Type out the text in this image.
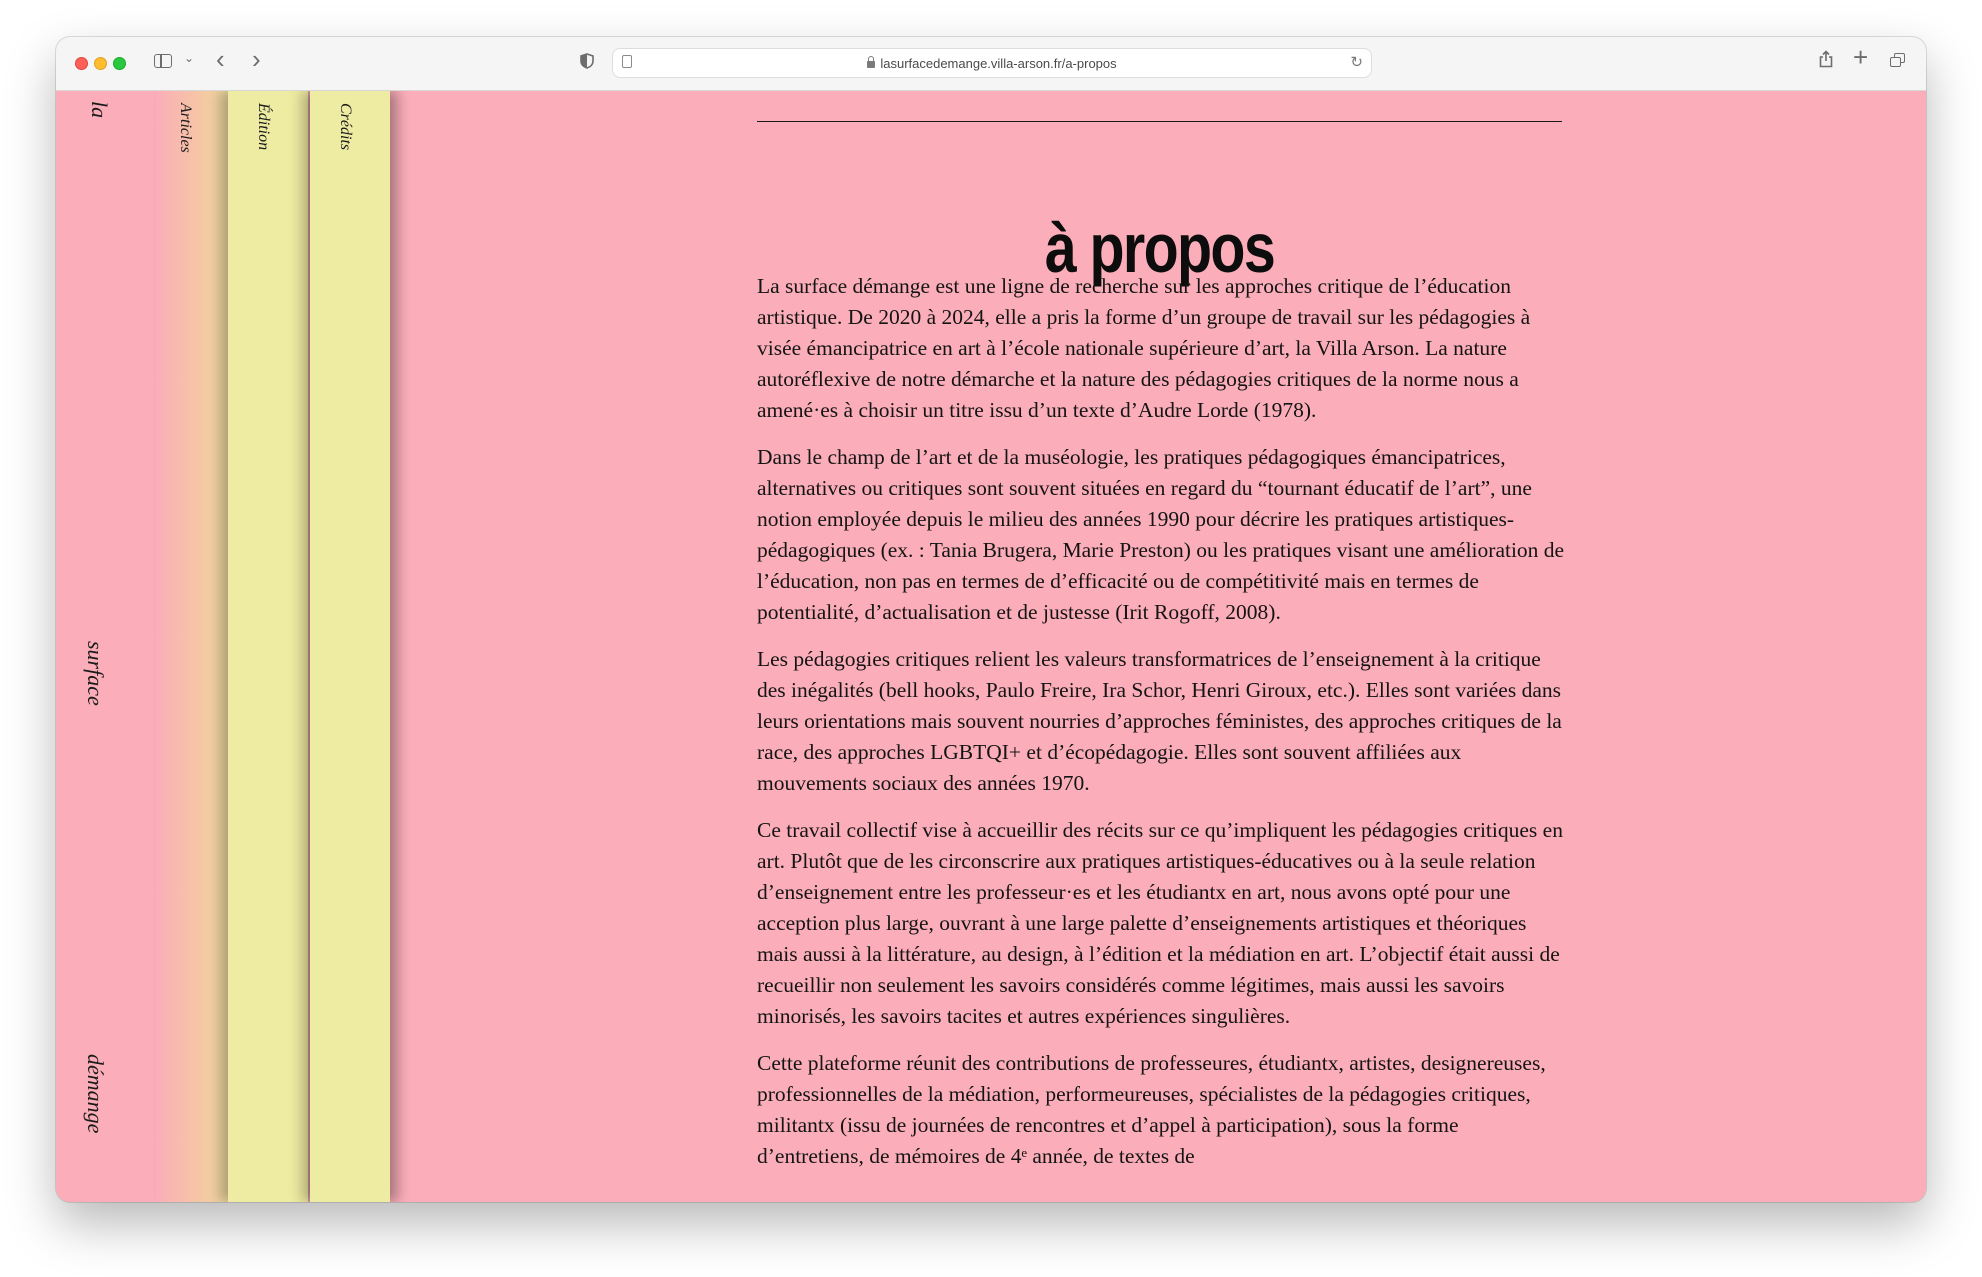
⌄ ‹ ›	lasurfacedemange.villa-arson.fr/a-propos	↻	+
la
surface
démange
Articles	Édition	Crédits
à propos

La surface démange est une ligne de recherche sur les approches critique de l’éducation artistique. De 2020 à 2024, elle a pris la forme d’un groupe de travail sur les pédagogies à visée émancipatrice en art à l’école nationale supérieure d’art, la Villa Arson. La nature autoréflexive de notre démarche et la nature des pédagogies critiques de la norme nous a amené·es à choisir un titre issu d’un texte d’Audre Lorde (1978).

Dans le champ de l’art et de la muséologie, les pratiques pédagogiques émancipatrices, alternatives ou critiques sont souvent situées en regard du “tournant éducatif de l’art”, une notion employée depuis le milieu des années 1990 pour décrire les pratiques artistiques-pédagogiques (ex. : Tania Brugera, Marie Preston) ou les pratiques visant une amélioration de l’éducation, non pas en termes de d’efficacité ou de compétitivité mais en termes de potentialité, d’actualisation et de justesse (Irit Rogoff, 2008).

Les pédagogies critiques relient les valeurs transformatrices de l’enseignement à la critique des inégalités (bell hooks, Paulo Freire, Ira Schor, Henri Giroux, etc.). Elles sont variées dans leurs orientations mais souvent nourries d’approches féministes, des approches critiques de la race, des approches LGBTQI+ et d’écopédagogie. Elles sont souvent affiliées aux mouvements sociaux des années 1970.

Ce travail collectif vise à accueillir des récits sur ce qu’impliquent les pédagogies critiques en art. Plutôt que de les circonscrire aux pratiques artistiques-éducatives ou à la seule relation d’enseignement entre les professeur·es et les étudiantx en art, nous avons opté pour une acception plus large, ouvrant à une large palette d’enseignements artistiques et théoriques mais aussi à la littérature, au design, à l’édition et la médiation en art. L’objectif était aussi de recueillir non seulement les savoirs considérés comme légitimes, mais aussi les savoirs minorisés, les savoirs tacites et autres expériences singulières.

Cette plateforme réunit des contributions de professeures, étudiantx, artistes, designereuses, professionnelles de la médiation, performeureuses, spécialistes de la pédagogies critiques, militantx (issu de journées de rencontres et d’appel à participation), sous la forme d’entretiens, de mémoires de 4ᵉ année, de textes de
